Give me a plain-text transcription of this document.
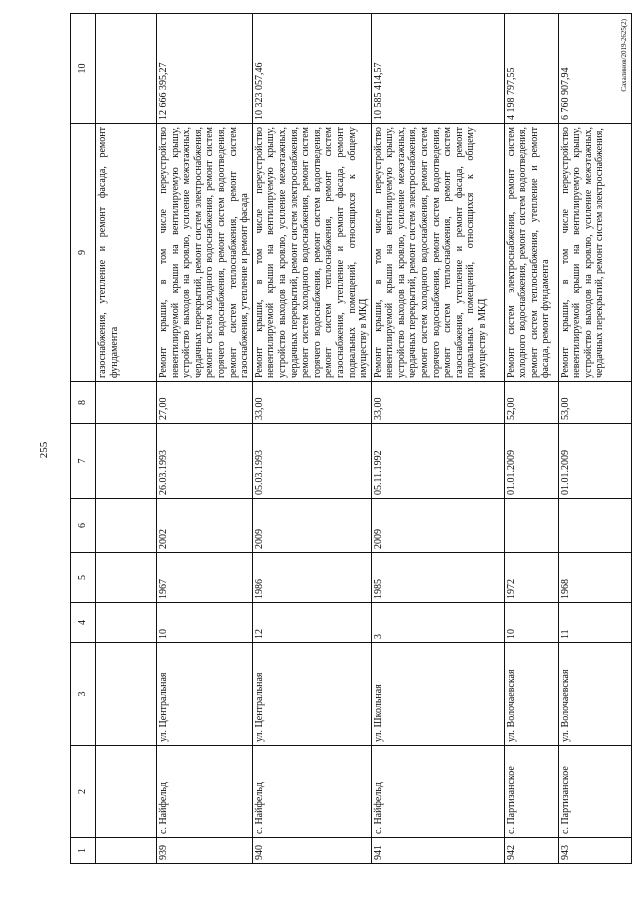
255
1	2	3	4	5	6	7	8	9	10
								газоснабжения, утепление и ремонт фасада, ремонт фундамента	
939	с. Найфельд	ул. Центральная	10	1967	2002	26.03.1993	27,00	Ремонт крыши, в том числе переустройство невентилируемой крыши на вентилируемую крышу, устройство выходов на кровлю, усиление межэтажных, чердачных перекрытий, ремонт систем электроснабжения, ремонт систем холодного водоснабжения, ремонт систем горячего водоснабжения, ремонт систем водоотведения, ремонт систем теплоснабжения, ремонт систем газоснабжения, утепление и ремонт фасада	12 666 395,27
940	с. Найфельд	ул. Центральная	12	1986	2009	05.03.1993	33,00	Ремонт крыши, в том числе переустройство невентилируемой крыши на вентилируемую крышу, устройство выходов на кровлю, усиление межэтажных, чердачных перекрытий, ремонт систем электроснабжения, ремонт систем холодного водоснабжения, ремонт систем горячего водоснабжения, ремонт систем водоотведения, ремонт систем теплоснабжения, ремонт систем газоснабжения, утепление и ремонт фасада, ремонт подвальных помещений, относящихся к общему имуществу в МКД	10 323 057,46
941	с. Найфельд	ул. Школьная	3	1985	2009	05.11.1992	33,00	Ремонт крыши, в том числе переустройство невентилируемой крыши на вентилируемую крышу, устройство выходов на кровлю, усиление межэтажных, чердачных перекрытий, ремонт систем электроснабжения, ремонт систем холодного водоснабжения, ремонт систем горячего водоснабжения, ремонт систем водоотведения, ремонт систем теплоснабжения, ремонт систем газоснабжения, утепление и ремонт фасада, ремонт подвальных помещений, относящихся к общему имуществу в МКД	10 585 414,57
942	с. Партизанское	ул. Волочаевская	10	1972		01.01.2009	52,00	Ремонт систем электроснабжения, ремонт систем холодного водоснабжения, ремонт систем водоотведения, ремонт систем теплоснабжения, утепление и ремонт фасада, ремонт фундамента	4 198 797,55
943	с. Партизанское	ул. Волочаевская	11	1968		01.01.2009	53,00	Ремонт крыши, в том числе переустройство невентилируемой крыши на вентилируемую крышу, устройство выходов на кровлю, усиление межэтажных, чердачных перекрытий, ремонт систем электроснабжения,	6 760 907,94
Сахалинов/2019-2625(2)
